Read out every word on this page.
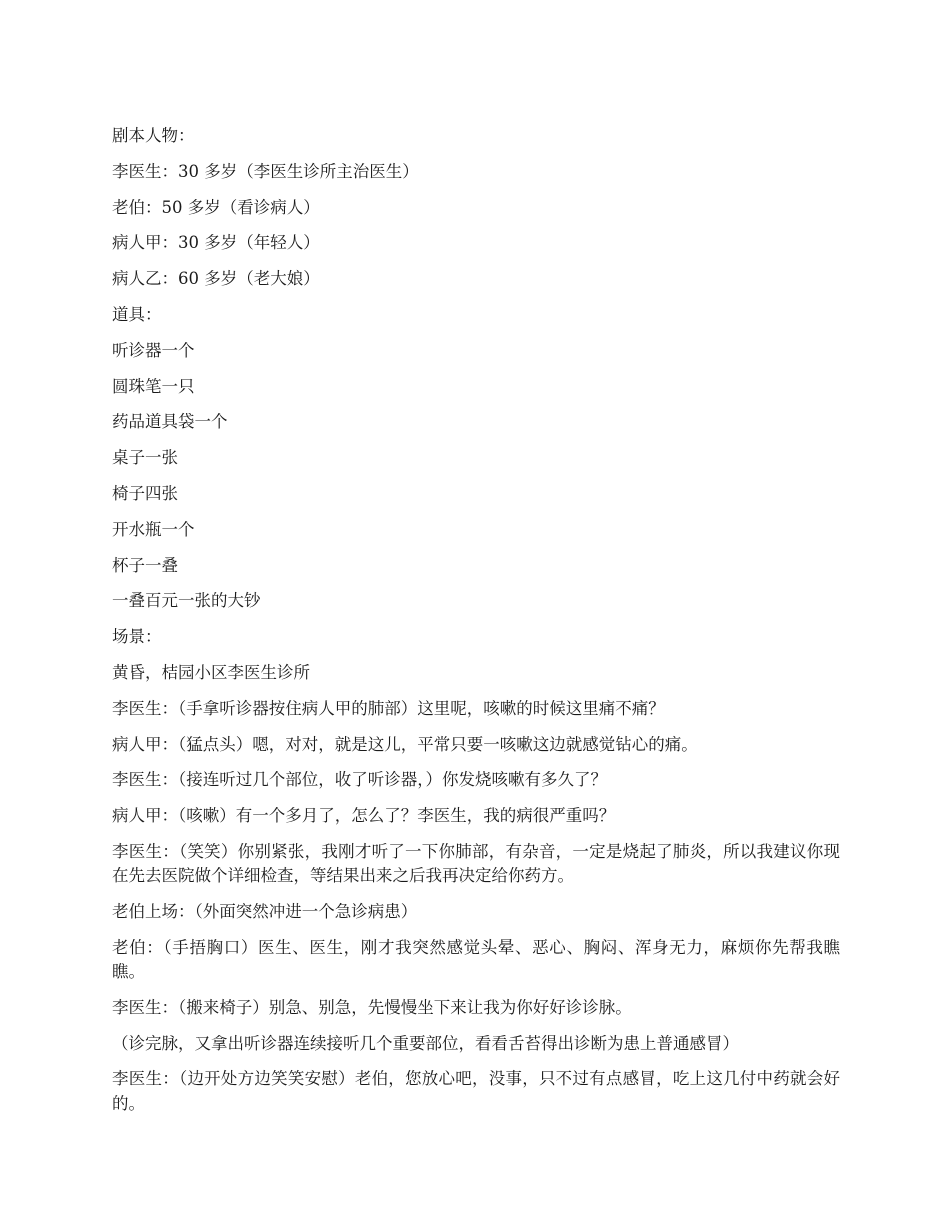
剧本人物：

李医生：30 多岁（李医生诊所主治医生）

老伯：50 多岁（看诊病人）

病人甲：30 多岁（年轻人）

病人乙：60 多岁（老大娘）

道具：

听诊器一个

圆珠笔一只

药品道具袋一个

桌子一张

椅子四张

开水瓶一个

杯子一叠

一叠百元一张的大钞

场景：

黄昏，桔园小区李医生诊所

李医生：（手拿听诊器按住病人甲的肺部）这里呢，咳嗽的时候这里痛不痛？

病人甲：（猛点头）嗯，对对，就是这儿，平常只要一咳嗽这边就感觉钻心的痛。

李医生：（接连听过几个部位，收了听诊器，）你发烧咳嗽有多久了？

病人甲：（咳嗽）有一个多月了，怎么了？李医生，我的病很严重吗？

李医生：（笑笑）你别紧张，我刚才听了一下你肺部，有杂音，一定是烧起了肺炎，所以我建议你现在先去医院做个详细检查，等结果出来之后我再决定给你药方。

老伯上场：（外面突然冲进一个急诊病患）

老伯：（手捂胸口）医生、医生，刚才我突然感觉头晕、恶心、胸闷、浑身无力，麻烦你先帮我瞧瞧。

李医生：（搬来椅子）别急、别急，先慢慢坐下来让我为你好好诊诊脉。

（诊完脉，又拿出听诊器连续接听几个重要部位，看看舌苔得出诊断为患上普通感冒）

李医生：（边开处方边笑笑安慰）老伯，您放心吧，没事，只不过有点感冒，吃上这几付中药就会好的。
